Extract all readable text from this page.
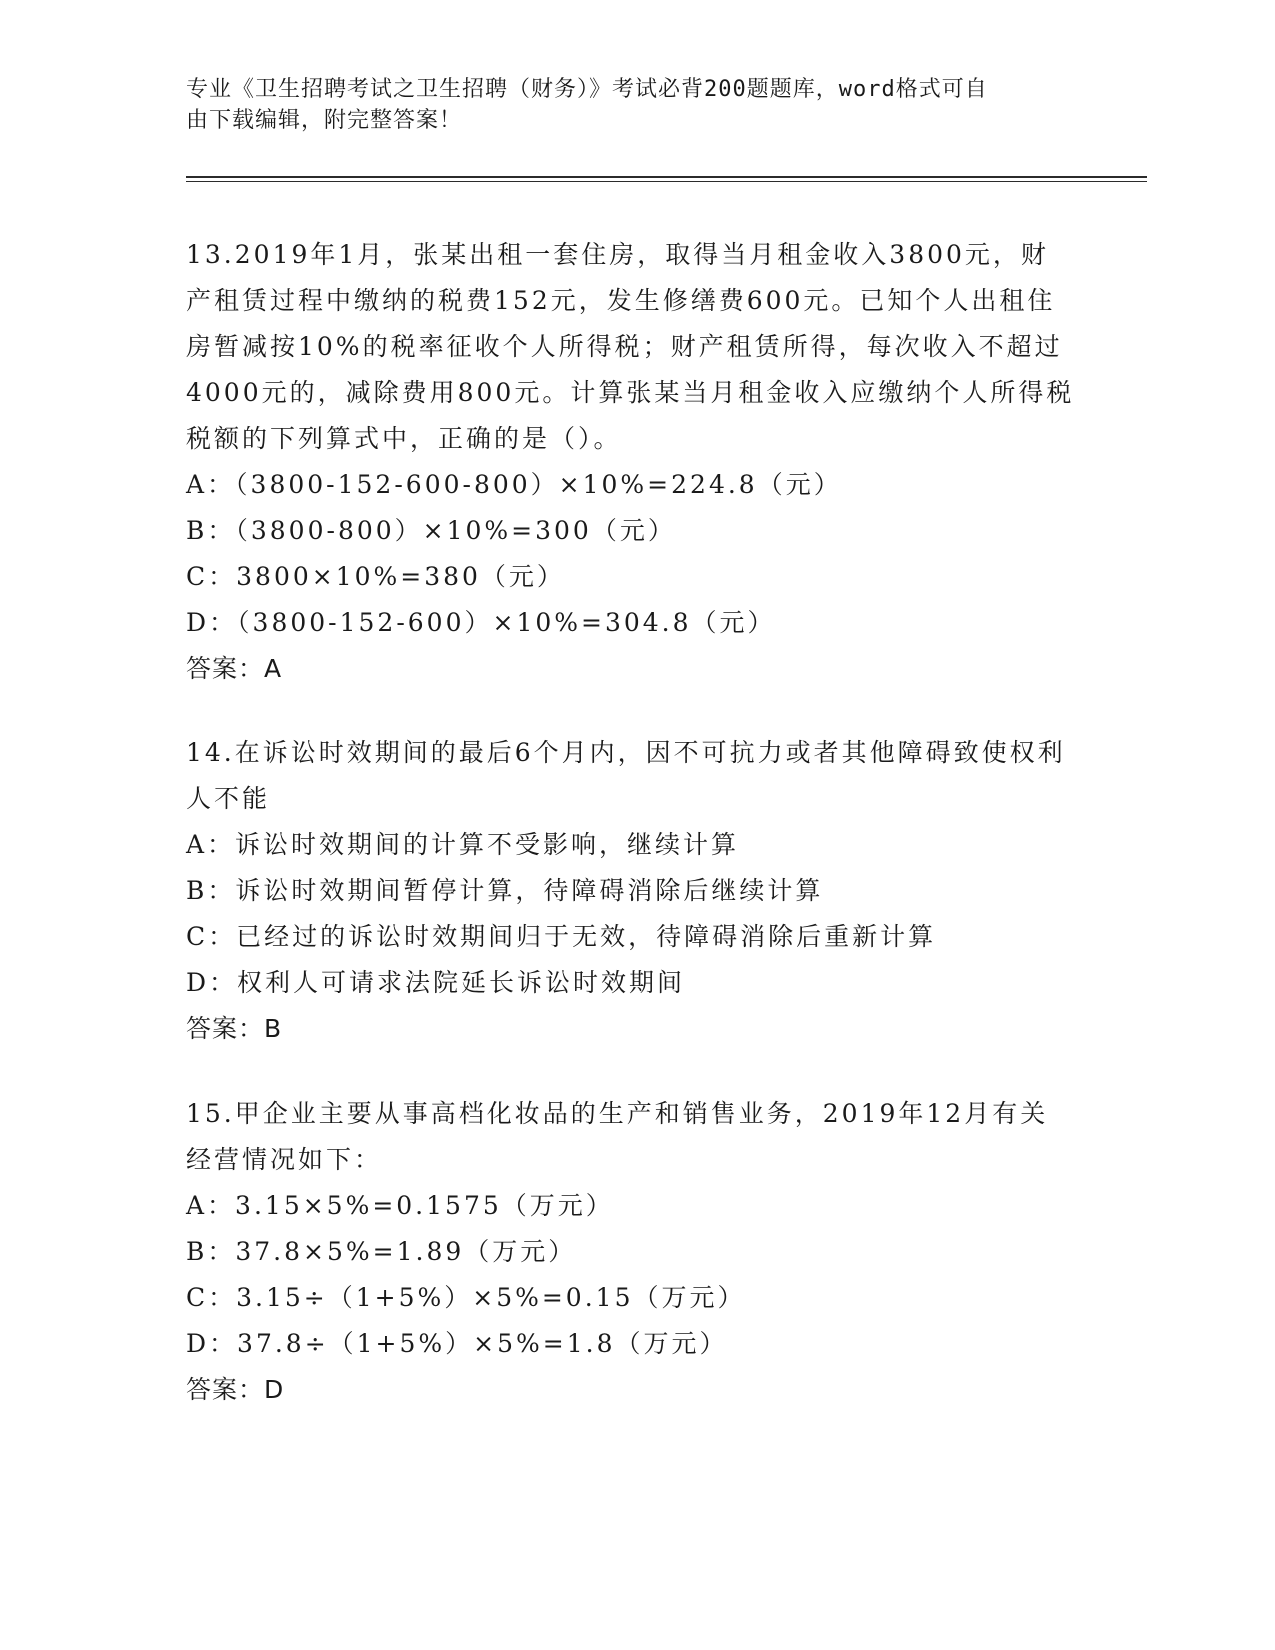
专业《卫生招聘考试之卫生招聘（财务）》考试必背200题题库，word格式可自
由下载编辑，附完整答案！

13.2019年1月，张某出租一套住房，取得当月租金收入3800元，财产租赁过程中缴纳的税费152元，发生修缮费600元。已知个人出租住房暂减按10%的税率征收个人所得税；财产租赁所得，每次收入不超过4000元的，减除费用800元。计算张某当月租金收入应缴纳个人所得税税额的下列算式中，正确的是（）。

A：（3800-152-600-800）×10%=224.8（元）

B：（3800-800）×10%=300（元）

C：3800×10%=380（元）

D：（3800-152-600）×10%=304.8（元）

答案：A

14.在诉讼时效期间的最后6个月内，因不可抗力或者其他障碍致使权利人不能

A：诉讼时效期间的计算不受影响，继续计算

B：诉讼时效期间暂停计算，待障碍消除后继续计算

C：已经过的诉讼时效期间归于无效，待障碍消除后重新计算

D：权利人可请求法院延长诉讼时效期间

答案：B

15.甲企业主要从事高档化妆品的生产和销售业务，2019年12月有关经营情况如下：

A：3.15×5%=0.1575（万元）

B：37.8×5%=1.89（万元）

C：3.15÷（1+5%）×5%=0.15（万元）

D：37.8÷（1+5%）×5%=1.8（万元）

答案：D
